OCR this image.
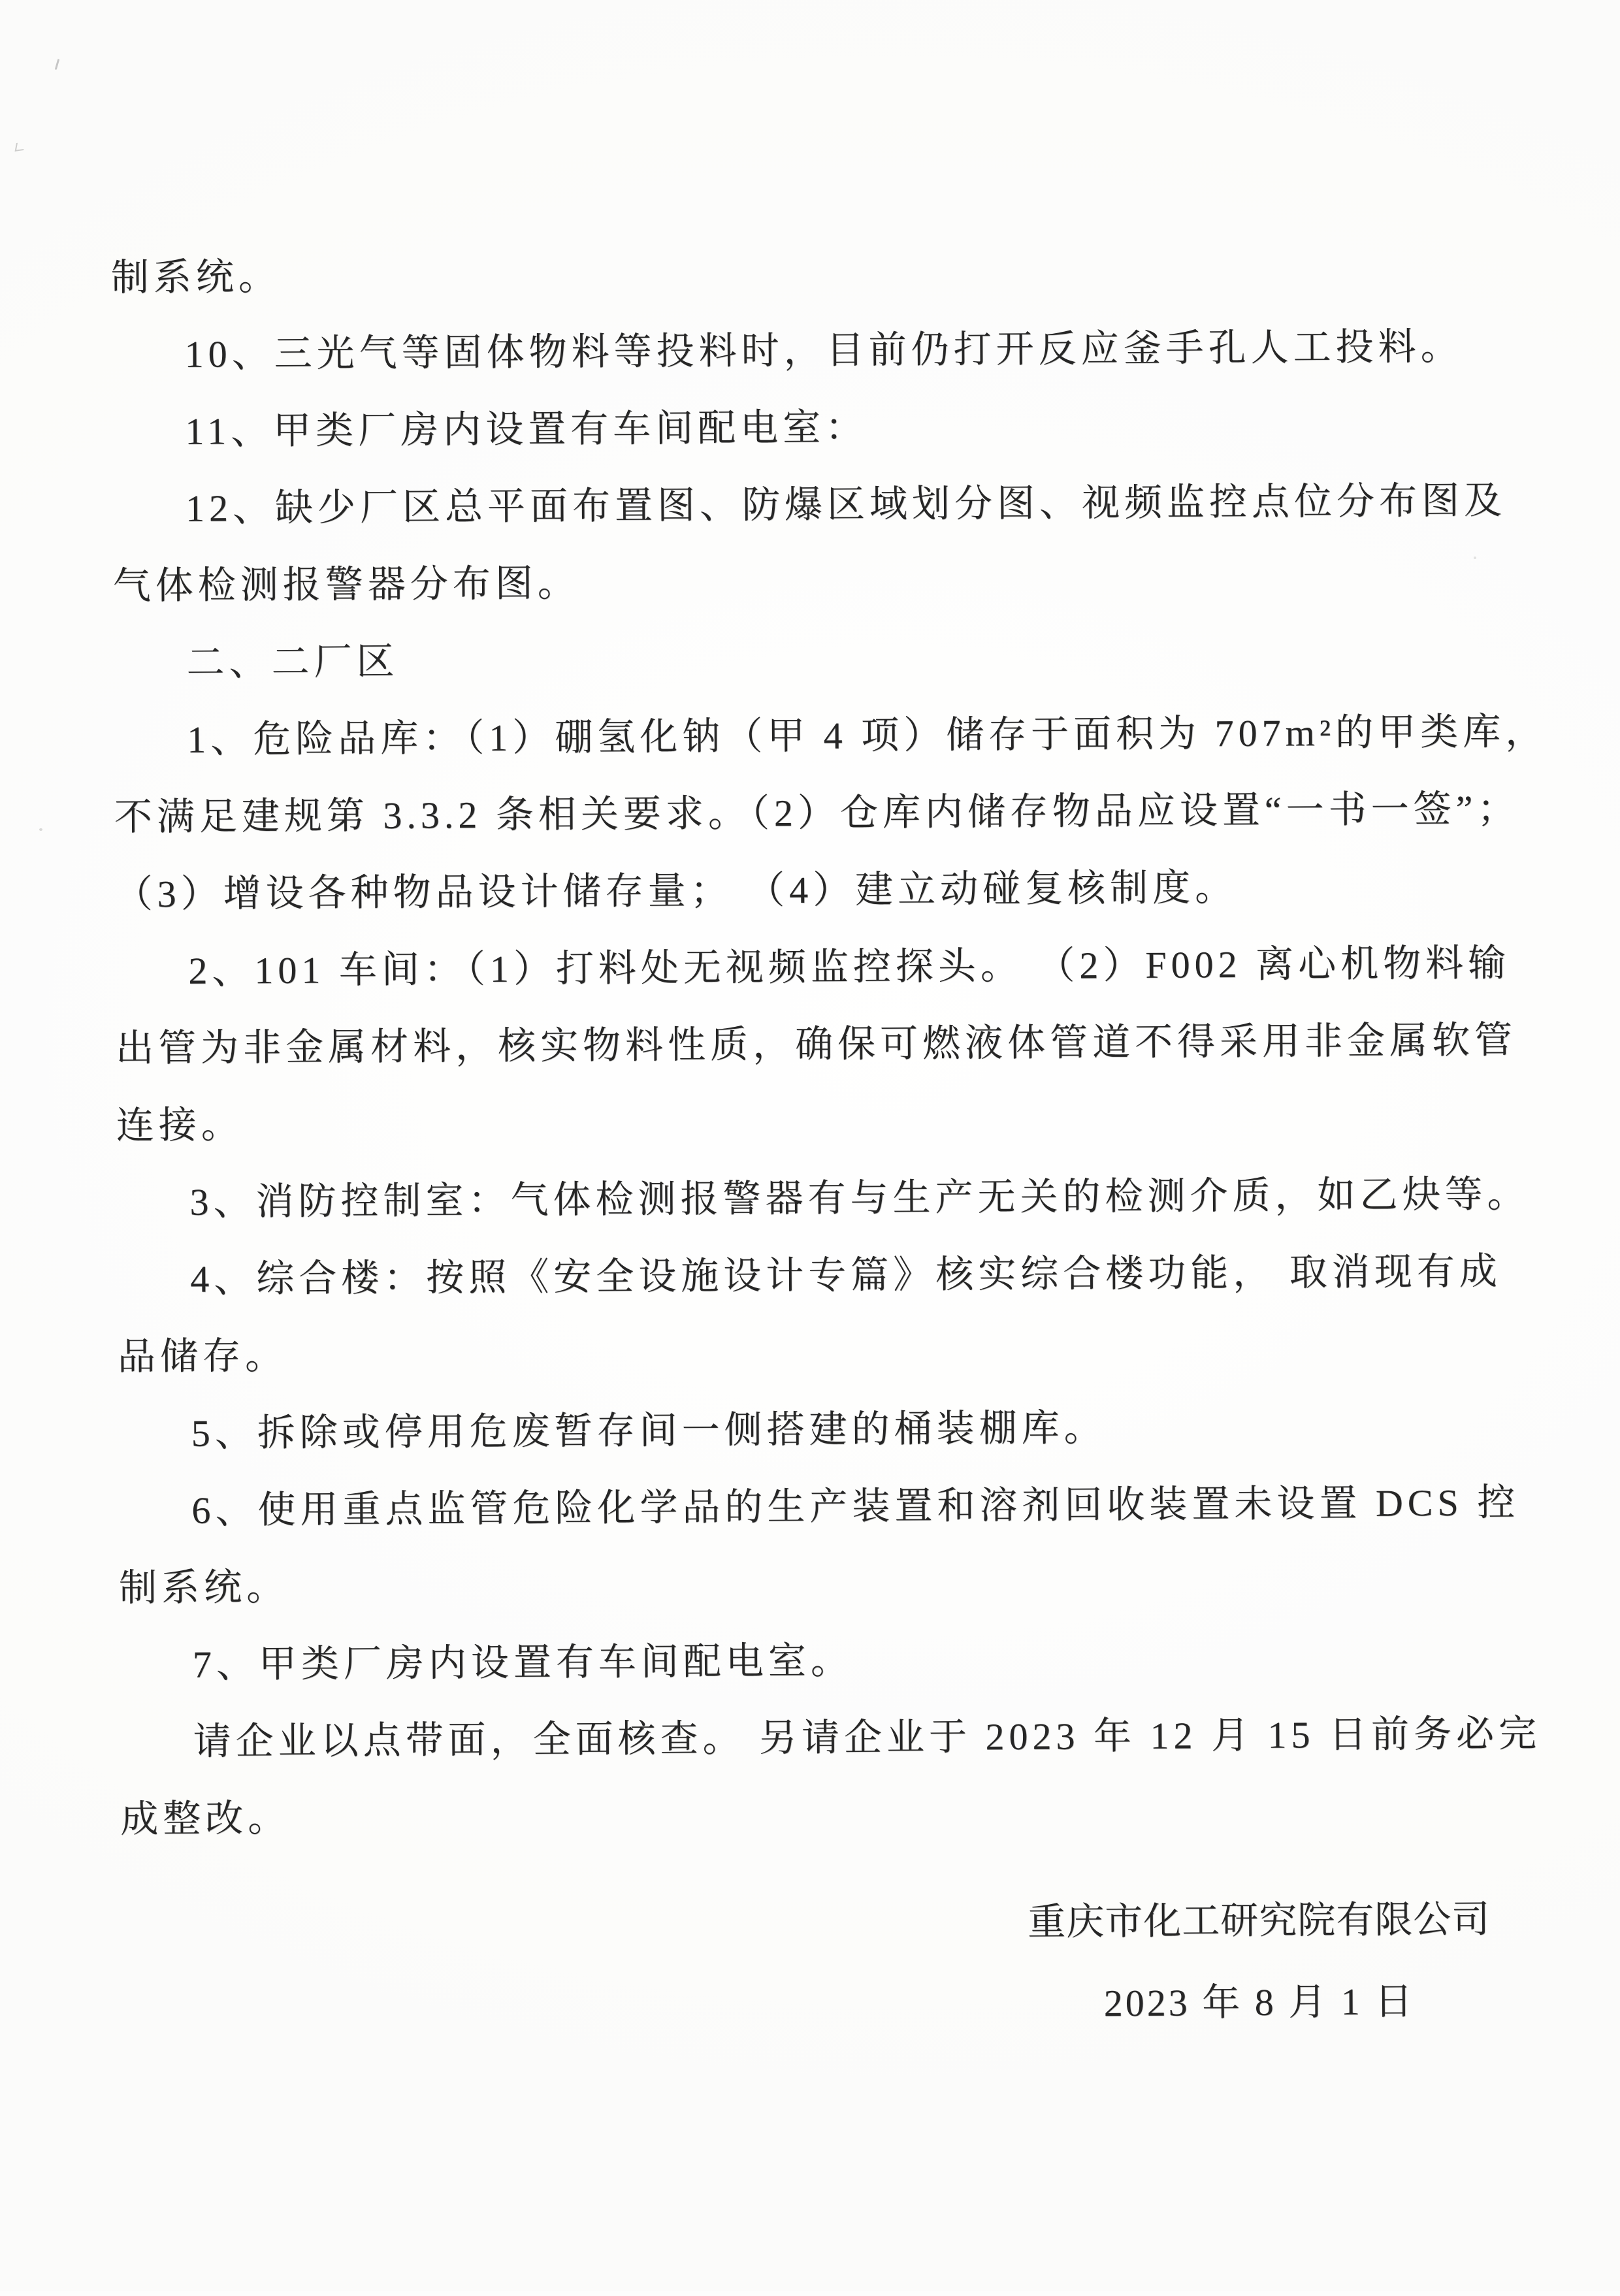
制系统。
10、三光气等固体物料等投料时，目前仍打开反应釜手孔人工投料。
11、甲类厂房内设置有车间配电室：
12、缺少厂区总平面布置图、防爆区域划分图、视频监控点位分布图及
气体检测报警器分布图。
二、二厂区
1、危险品库：（1）硼氢化钠（甲 4 项）储存于面积为 707m²的甲类库，
不满足建规第 3.3.2 条相关要求。（2）仓库内储存物品应设置“一书一签”；
（3）增设各种物品设计储存量； （4）建立动碰复核制度。
2、101 车间：（1）打料处无视频监控探头。 （2）F002 离心机物料输
出管为非金属材料，核实物料性质，确保可燃液体管道不得采用非金属软管
连接。
3、消防控制室：气体检测报警器有与生产无关的检测介质，如乙炔等。
4、综合楼：按照《安全设施设计专篇》核实综合楼功能， 取消现有成
品储存。
5、拆除或停用危废暂存间一侧搭建的桶装棚库。
6、使用重点监管危险化学品的生产装置和溶剂回收装置未设置 DCS 控
制系统。
7、甲类厂房内设置有车间配电室。
请企业以点带面，全面核查。 另请企业于 2023 年 12 月 15 日前务必完
成整改。
重庆市化工研究院有限公司
2023 年 8 月 1 日
